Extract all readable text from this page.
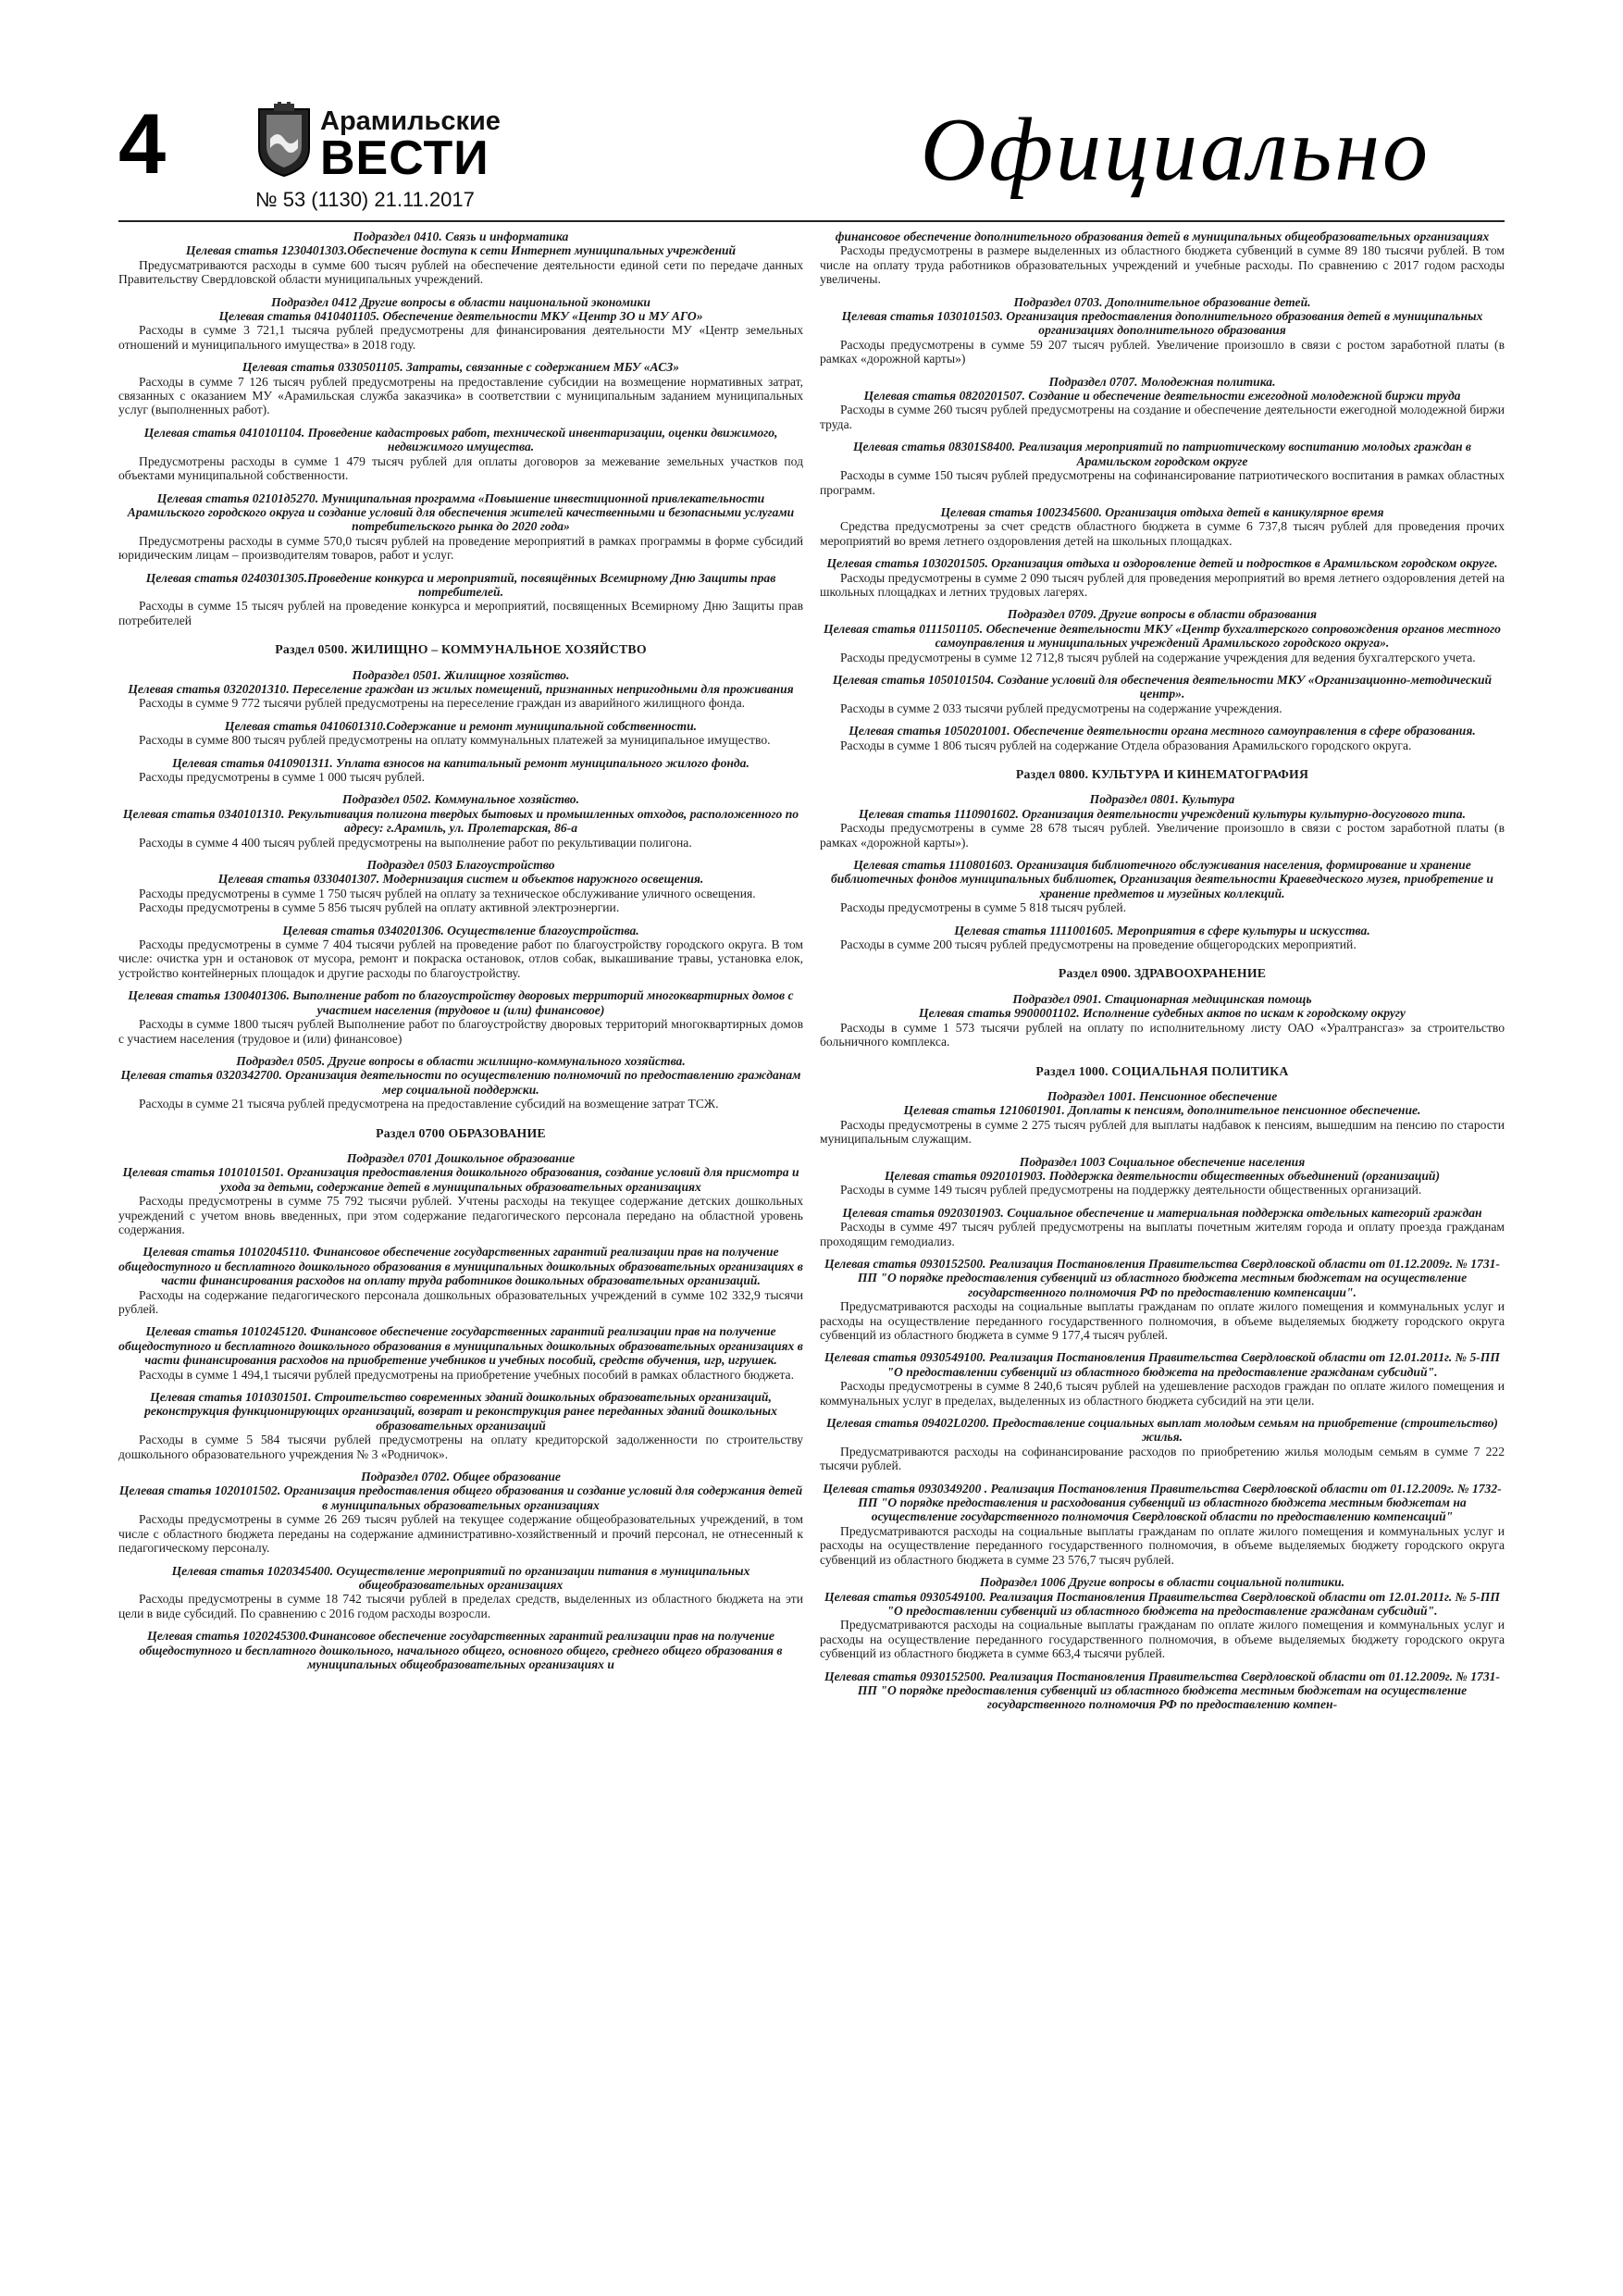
4	Арамильские
ВЕСТИ
№ 53 (1130) 21.11.2017	Официально
Подраздел 0410. Связь и информатика
Целевая статья 1230401303.Обеспечение доступа к сети Интернет муниципальных учреждений
Предусматриваются расходы в сумме 600 тысяч рублей на обеспечение деятельности единой сети по передаче данных Правительству Свердловской области муниципальных учреждений.
Подраздел 0412 Другие вопросы в области национальной экономики
Целевая статья 0410401105. Обеспечение деятельности МКУ «Центр ЗО и МУ АГО»
Расходы в сумме 3 721,1 тысяча рублей предусмотрены для финансирования деятельности МУ «Центр земельных отношений и муниципального имущества» в 2018 году.
Целевая статья 0330501105. Затраты, связанные с содержанием МБУ «АСЗ»
Расходы в сумме 7 126 тысяч рублей предусмотрены на предоставление субсидии на возмещение нормативных затрат, связанных с оказанием МУ «Арамильская служба заказчика» в соответствии с муниципальным заданием муниципальных услуг (выполненных работ).
Целевая статья 0410101104. Проведение кадастровых работ, технической инвентаризации, оценки движимого, недвижимого имущества.
Предусмотрены расходы в сумме 1 479 тысяч рублей для оплаты договоров за межевание земельных участков под объектами муниципальной собственности.
Целевая статья 02101д5270. Муниципальная программа «Повышение инвестиционной привлекательности Арамильского городского округа и создание условий для обеспечения жителей качественными и безопасными услугами потребительского рынка до 2020 года»
Предусмотрены расходы в сумме 570,0 тысяч рублей на проведение мероприятий в рамках программы в форме субсидий юридическим лицам – производителям товаров, работ и услуг.
Целевая статья 0240301305.Проведение конкурса и мероприятий, посвящённых Всемирному Дню Защиты прав потребителей.
Расходы в сумме 15 тысяч рублей на проведение конкурса и мероприятий, посвященных Всемирному Дню Защиты прав потребителей
Раздел 0500. ЖИЛИЩНО – КОММУНАЛЬНОЕ ХОЗЯЙСТВО
Подраздел 0501. Жилищное хозяйство.
Целевая статья 0320201310. Переселение граждан из жилых помещений, признанных непригодными для проживания
Расходы в сумме 9 772 тысячи рублей предусмотрены на переселение граждан из аварийного жилищного фонда.
Целевая статья 0410601310.Содержание и ремонт муниципальной собственности.
Расходы в сумме 800 тысяч рублей предусмотрены на оплату коммунальных платежей за муниципальное имущество.
Целевая статья 0410901311. Уплата взносов на капитальный ремонт муниципального жилого фонда.
Расходы предусмотрены в сумме 1 000 тысяч рублей.
Подраздел 0502. Коммунальное хозяйство.
Целевая статья 0340101310. Рекультивация полигона твердых бытовых и промышленных отходов, расположенного по адресу: г.Арамиль, ул. Пролетарская, 86-а
Расходы в сумме 4 400 тысяч рублей предусмотрены на выполнение работ по рекультивации полигона.
Подраздел 0503 Благоустройство
Целевая статья 0330401307. Модернизация систем и объектов наружного освещения.
Расходы предусмотрены в сумме 1 750 тысяч рублей на оплату за техническое обслуживание уличного освещения.
Расходы предусмотрены в сумме 5 856 тысяч рублей на оплату активной электроэнергии.
Целевая статья 0340201306. Осуществление благоустройства.
Расходы предусмотрены в сумме 7 404 тысячи рублей на проведение работ по благоустройству городского округа. В том числе: очистка урн и остановок от мусора, ремонт и покраска остановок, отлов собак, выкашивание травы, установка елок, устройство контейнерных площадок и другие расходы по благоустройству.
Целевая статья 1300401306. Выполнение работ по благоустройству дворовых территорий многоквартирных домов с участием населения (трудовое и (или) финансовое)
Расходы в сумме 1800 тысяч рублей Выполнение работ по благоустройству дворовых территорий многоквартирных домов с участием населения (трудовое и (или) финансовое)
Подраздел 0505. Другие вопросы в области жилищно-коммунального хозяйства.
Целевая статья 0320342700. Организация деятельности по осуществлению полномочий по предоставлению гражданам мер социальной поддержки.
Расходы в сумме 21 тысяча рублей предусмотрена на предоставление субсидий на возмещение затрат ТСЖ.
Раздел 0700 ОБРАЗОВАНИЕ
Подраздел 0701 Дошкольное образование
Целевая статья 1010101501. Организация предоставления дошкольного образования, создание условий для присмотра и ухода за детьми, содержание детей в муниципальных образовательных организациях
Расходы предусмотрены в сумме 75 792 тысячи рублей. Учтены расходы на текущее содержание детских дошкольных учреждений с учетом вновь введенных, при этом содержание педагогического персонала передано на областной уровень содержания.
Целевая статья 10102045110. Финансовое обеспечение государственных гарантий реализации прав на получение общедоступного и бесплатного дошкольного образования в муниципальных дошкольных образовательных организациях в части финансирования расходов на оплату труда работников дошкольных образовательных организаций.
Расходы на содержание педагогического персонала дошкольных образовательных учреждений в сумме 102 332,9 тысячи рублей.
Целевая статья 1010245120. Финансовое обеспечение государственных гарантий реализации прав на получение общедоступного и бесплатного дошкольного образования в муниципальных дошкольных образовательных организациях в части финансирования расходов на приобретение учебников и учебных пособий, средств обучения, игр, игрушек.
Расходы в сумме 1 494,1 тысячи рублей предусмотрены на приобретение учебных пособий в рамках областного бюджета.
Целевая статья 1010301501. Строительство современных зданий дошкольных образовательных организаций, реконструкция функционирующих организаций, возврат и реконструкция ранее переданных зданий дошкольных образовательных организаций
Расходы в сумме 5 584 тысячи рублей предусмотрены на оплату кредиторской задолженности по строительству дошкольного образовательного учреждения № 3 «Родничок».
Подраздел 0702. Общее образование
Целевая статья 1020101502. Организация предоставления общего образования и создание условий для содержания детей в муниципальных образовательных организациях
Расходы предусмотрены в сумме 26 269 тысяч рублей на текущее содержание общеобразовательных учреждений, в том числе с областного бюджета переданы на содержание административно-хозяйственный и прочий персонал, не отнесенный к педагогическому персоналу.
Целевая статья 1020345400. Осуществление мероприятий по организации питания в муниципальных общеобразовательных организациях
Расходы предусмотрены в сумме 18 742 тысячи рублей в пределах средств, выделенных из областного бюджета на эти цели в виде субсидий. По сравнению с 2016 годом расходы возросли.
Целевая статья 1020245300.Финансовое обеспечение государственных гарантий реализации прав на получение общедоступного и бесплатного дошкольного, начального общего, основного общего, среднего общего образования в муниципальных общеобразовательных организациях и
финансовое обеспечение дополнительного образования детей в муниципальных общеобразовательных организациях
Расходы предусмотрены в размере выделенных из областного бюджета субвенций в сумме 89 180 тысячи рублей. В том числе на оплату труда работников образовательных учреждений и учебные расходы. По сравнению с 2017 годом расходы увеличены.
Подраздел 0703. Дополнительное образование детей.
Целевая статья 1030101503. Организация предоставления дополнительного образования детей в муниципальных организациях дополнительного образования
Расходы предусмотрены в сумме 59 207 тысяч рублей. Увеличение произошло в связи с ростом заработной платы (в рамках «дорожной карты»)
Подраздел 0707. Молодежная политика.
Целевая статья 0820201507. Создание и обеспечение деятельности ежегодной молодежной биржи труда
Расходы в сумме 260 тысяч рублей предусмотрены на создание и обеспечение деятельности ежегодной молодежной биржи труда.
Целевая статья 08301S8400. Реализация мероприятий по патриотическому воспитанию молодых граждан в Арамильском городском округе
Расходы в сумме 150 тысяч рублей предусмотрены на софинансирование патриотического воспитания в рамках областных программ.
Целевая статья 1002345600. Организация отдыха детей в каникулярное время
Средства предусмотрены за счет средств областного бюджета в сумме 6 737,8 тысяч рублей для проведения прочих мероприятий во время летнего оздоровления детей на школьных площадках.
Целевая статья 1030201505. Организация отдыха и оздоровление детей и подростков в Арамильском городском округе.
Расходы предусмотрены в сумме 2 090 тысяч рублей для проведения мероприятий во время летнего оздоровления детей на школьных площадках и летних трудовых лагерях.
Подраздел 0709. Другие вопросы в области образования
Целевая статья 0111501105. Обеспечение деятельности МКУ «Центр бухгалтерского сопровождения органов местного самоуправления и муниципальных учреждений Арамильского городского округа».
Расходы предусмотрены в сумме 12 712,8 тысяч рублей на содержание учреждения для ведения бухгалтерского учета.
Целевая статья 1050101504. Создание условий для обеспечения деятельности МКУ «Организационно-методический центр».
Расходы в сумме 2 033 тысячи рублей предусмотрены на содержание учреждения.
Целевая статья 1050201001. Обеспечение деятельности органа местного самоуправления в сфере образования.
Расходы в сумме 1 806 тысяч рублей на содержание Отдела образования Арамильского городского округа.
Раздел 0800. КУЛЬТУРА И КИНЕМАТОГРАФИЯ
Подраздел 0801. Культура
Целевая статья 1110901602. Организация деятельности учреждений культуры культурно-досугового типа.
Расходы предусмотрены в сумме 28 678 тысяч рублей. Увеличение произошло в связи с ростом заработной платы (в рамках «дорожной карты»).
Целевая статья 1110801603. Организация библиотечного обслуживания населения, формирование и хранение библиотечных фондов муниципальных библиотек, Организация деятельности Краеведческого музея, приобретение и хранение предметов и музейных коллекций.
Расходы предусмотрены в сумме 5 818 тысяч рублей.
Целевая статья 1111001605. Мероприятия в сфере культуры и искусства.
Расходы в сумме 200 тысяч рублей предусмотрены на проведение общегородских мероприятий.
Раздел 0900. ЗДРАВООХРАНЕНИЕ
Подраздел 0901. Стационарная медицинская помощь
Целевая статья 9900001102. Исполнение судебных актов по искам к городскому округу
Расходы в сумме 1 573 тысячи рублей на оплату по исполнительному листу ОАО «Уралтрансгаз» за строительство больничного комплекса.
Раздел 1000. СОЦИАЛЬНАЯ ПОЛИТИКА
Подраздел 1001. Пенсионное обеспечение
Целевая статья 1210601901. Доплаты к пенсиям, дополнительное пенсионное обеспечение.
Расходы предусмотрены в сумме 2 275 тысяч рублей для выплаты надбавок к пенсиям, вышедшим на пенсию по старости муниципальным служащим.
Подраздел 1003 Социальное обеспечение населения
Целевая статья 0920101903. Поддержка деятельности общественных объединений (организаций)
Расходы в сумме 149 тысяч рублей предусмотрены на поддержку деятельности общественных организаций.
Целевая статья 0920301903. Социальное обеспечение и материальная поддержка отдельных категорий граждан
Расходы в сумме 497 тысяч рублей предусмотрены на выплаты почетным жителям города и оплату проезда гражданам проходящим гемодиализ.
Целевая статья 0930152500. Реализация Постановления Правительства Свердловской области от 01.12.2009г. № 1731-ПП "О порядке предоставления субвенций из областного бюджета местным бюджетам на осуществление государственного полномочия РФ по предоставлению компенсации".
Предусматриваются расходы на социальные выплаты гражданам по оплате жилого помещения и коммунальных услуг и расходы на осуществление переданного государственного полномочия, в объеме выделяемых бюджету городского округа субвенций из областного бюджета в сумме 9 177,4 тысяч рублей.
Целевая статья 0930549100. Реализация Постановления Правительства Свердловской области от 12.01.2011г. № 5-ПП "О предоставлении субвенций из областного бюджета на предоставление гражданам субсидий".
Расходы предусмотрены в сумме 8 240,6 тысяч рублей на удешевление расходов граждан по оплате жилого помещения и коммунальных услуг в пределах, выделенных из областного бюджета субсидий на эти цели.
Целевая статья 09402L0200. Предоставление социальных выплат молодым семьям на приобретение (строительство) жилья.
Предусматриваются расходы на софинансирование расходов по приобретению жилья молодым семьям в сумме 7 222 тысячи рублей.
Целевая статья 0930349200 . Реализация Постановления Правительства Свердловской области от 01.12.2009г. № 1732-ПП "О порядке предоставления и расходования субвенций из областного бюджета местным бюджетам на осуществление государственного полномочия Свердловской области по предоставлению компенсаций"
Предусматриваются расходы на социальные выплаты гражданам по оплате жилого помещения и коммунальных услуг и расходы на осуществление переданного государственного полномочия, в объеме выделяемых бюджету городского округа субвенций из областного бюджета в сумме 23 576,7 тысяч рублей.
Подраздел 1006 Другие вопросы в области социальной политики.
Целевая статья 0930549100. Реализация Постановления Правительства Свердловской области от 12.01.2011г. № 5-ПП "О предоставлении субвенций из областного бюджета на предоставление гражданам субсидий".
Предусматриваются расходы на социальные выплаты гражданам по оплате жилого помещения и коммунальных услуг и расходы на осуществление переданного государственного полномочия, в объеме выделяемых бюджету городского округа субвенций из областного бюджета в сумме 663,4 тысячи рублей.
Целевая статья 0930152500. Реализация Постановления Правительства Свердловской области от 01.12.2009г. № 1731-ПП "О порядке предоставления субвенций из областного бюджета местным бюджетам на осуществление государственного полномочия РФ по предоставлению компен-
